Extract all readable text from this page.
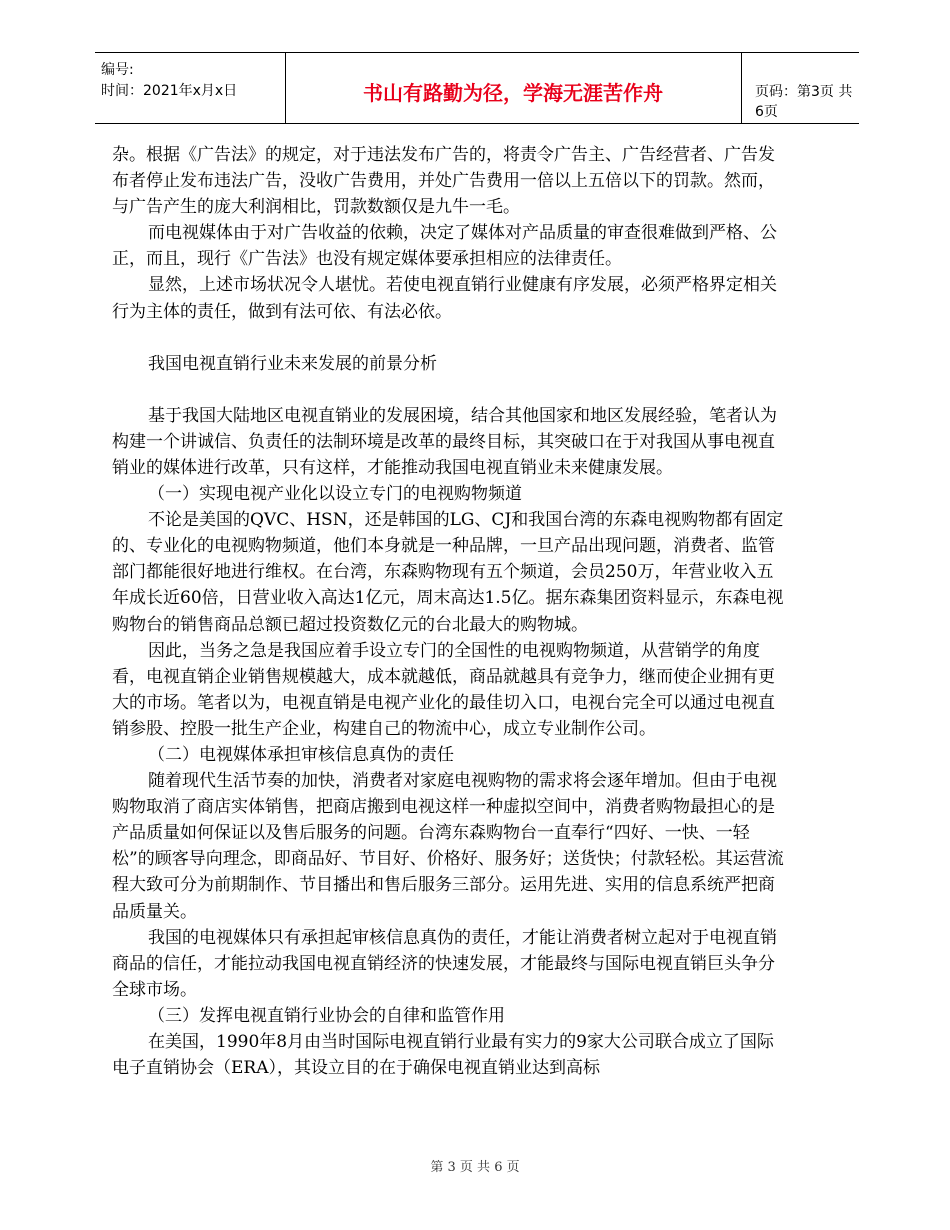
编号:
时间：2021年x月x日	书山有路勤为径，学海无涯苦作舟	页码：第3页 共6页

杂。根据《广告法》的规定，对于违法发布广告的，将责令广告主、广告经营者、广告发布者停止发布违法广告，没收广告费用，并处广告费用一倍以上五倍以下的罚款。然而，与广告产生的庞大利润相比，罚款数额仅是九牛一毛。

而电视媒体由于对广告收益的依赖，决定了媒体对产品质量的审查很难做到严格、公正，而且，现行《广告法》也没有规定媒体要承担相应的法律责任。

显然，上述市场状况令人堪忧。若使电视直销行业健康有序发展，必须严格界定相关行为主体的责任，做到有法可依、有法必依。

我国电视直销行业未来发展的前景分析

基于我国大陆地区电视直销业的发展困境，结合其他国家和地区发展经验，笔者认为构建一个讲诚信、负责任的法制环境是改革的最终目标，其突破口在于对我国从事电视直销业的媒体进行改革，只有这样，才能推动我国电视直销业未来健康发展。

（一）实现电视产业化以设立专门的电视购物频道

不论是美国的QVC、HSN，还是韩国的LG、CJ和我国台湾的东森电视购物都有固定的、专业化的电视购物频道，他们本身就是一种品牌，一旦产品出现问题，消费者、监管部门都能很好地进行维权。在台湾，东森购物现有五个频道，会员250万，年营业收入五年成长近60倍，日营业收入高达1亿元，周末高达1.5亿。据东森集团资料显示，东森电视购物台的销售商品总额已超过投资数亿元的台北最大的购物城。

因此，当务之急是我国应着手设立专门的全国性的电视购物频道，从营销学的角度看，电视直销企业销售规模越大，成本就越低，商品就越具有竞争力，继而使企业拥有更大的市场。笔者以为，电视直销是电视产业化的最佳切入口，电视台完全可以通过电视直销参股、控股一批生产企业，构建自己的物流中心，成立专业制作公司。

（二）电视媒体承担审核信息真伪的责任

随着现代生活节奏的加快，消费者对家庭电视购物的需求将会逐年增加。但由于电视购物取消了商店实体销售，把商店搬到电视这样一种虚拟空间中，消费者购物最担心的是产品质量如何保证以及售后服务的问题。台湾东森购物台一直奉行“四好、一快、一轻松”的顾客导向理念，即商品好、节目好、价格好、服务好；送货快；付款轻松。其运营流程大致可分为前期制作、节目播出和售后服务三部分。运用先进、实用的信息系统严把商品质量关。

我国的电视媒体只有承担起审核信息真伪的责任，才能让消费者树立起对于电视直销商品的信任，才能拉动我国电视直销经济的快速发展，才能最终与国际电视直销巨头争分全球市场。

（三）发挥电视直销行业协会的自律和监管作用

在美国，1990年8月由当时国际电视直销行业最有实力的9家大公司联合成立了国际电子直销协会（ERA），其设立目的在于确保电视直销业达到高标

第 3 页 共 6 页
